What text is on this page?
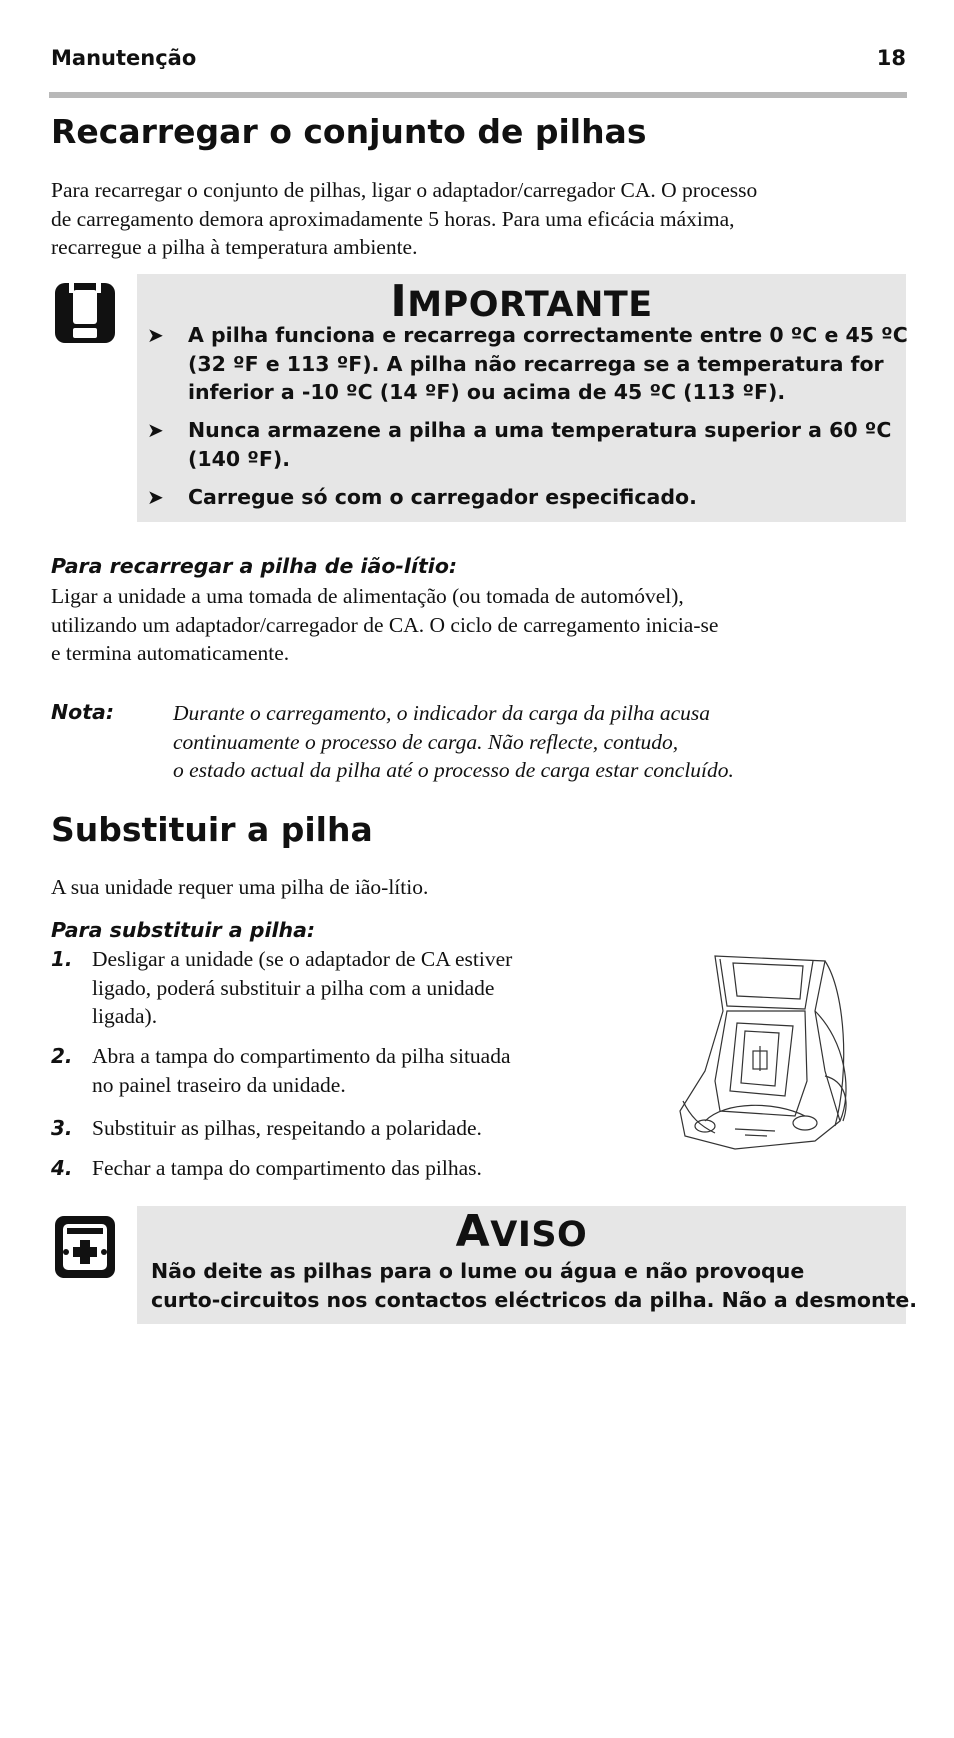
Manutenção	18
Recarregar o conjunto de pilhas
Para recarregar o conjunto de pilhas, ligar o adaptador/carregador CA. O processo
de carregamento demora aproximadamente 5 horas. Para uma eficácia máxima,
recarregue a pilha à temperatura ambiente.
IMPORTANTE
➤ A pilha funciona e recarrega correctamente entre 0 ºC e 45 ºC
(32 ºF e 113 ºF). A pilha não recarrega se a temperatura for
inferior a -10 ºC (14 ºF) ou acima de 45 ºC (113 ºF).
➤ Nunca armazene a pilha a uma temperatura superior a 60 ºC
(140 ºF).
➤ Carregue só com o carregador especificado.
Para recarregar a pilha de ião-lítio:
Ligar a unidade a uma tomada de alimentação (ou tomada de automóvel),
utilizando um adaptador/carregador de CA. O ciclo de carregamento inicia-se
e termina automaticamente.
Nota:	Durante o carregamento, o indicador da carga da pilha acusa
continuamente o processo de carga. Não reflecte, contudo,
o estado actual da pilha até o processo de carga estar concluído.
Substituir a pilha
A sua unidade requer uma pilha de ião-lítio.
Para substituir a pilha:
1. Desligar a unidade (se o adaptador de CA estiver
ligado, poderá substituir a pilha com a unidade
ligada).
2. Abra a tampa do compartimento da pilha situada
no painel traseiro da unidade.
3. Substituir as pilhas, respeitando a polaridade.
4. Fechar a tampa do compartimento das pilhas.
AVISO
Não deite as pilhas para o lume ou água e não provoque
curto-circuitos nos contactos eléctricos da pilha. Não a desmonte.
